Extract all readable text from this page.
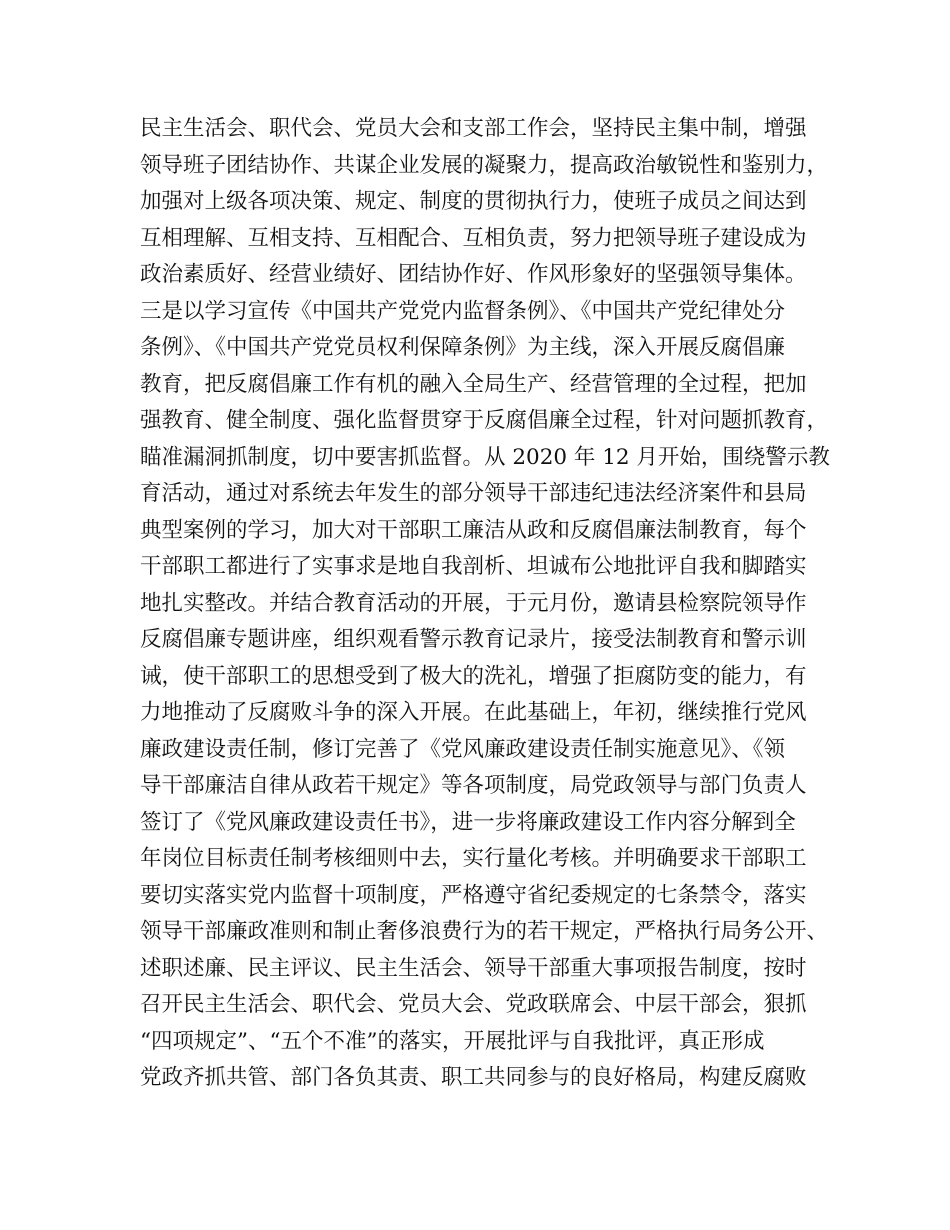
民主生活会、职代会、党员大会和支部工作会，坚持民主集中制，增强
领导班子团结协作、共谋企业发展的凝聚力，提高政治敏锐性和鉴别力，
加强对上级各项决策、规定、制度的贯彻执行力，使班子成员之间达到
互相理解、互相支持、互相配合、互相负责，努力把领导班子建设成为
政治素质好、经营业绩好、团结协作好、作风形象好的坚强领导集体。
三是以学习宣传《中国共产党党内监督条例》、《中国共产党纪律处分
条例》、《中国共产党党员权利保障条例》为主线，深入开展反腐倡廉
教育，把反腐倡廉工作有机的融入全局生产、经营管理的全过程，把加
强教育、健全制度、强化监督贯穿于反腐倡廉全过程，针对问题抓教育，
瞄准漏洞抓制度，切中要害抓监督。从 2020 年 12 月开始，围绕警示教
育活动，通过对系统去年发生的部分领导干部违纪违法经济案件和县局
典型案例的学习，加大对干部职工廉洁从政和反腐倡廉法制教育，每个
干部职工都进行了实事求是地自我剖析、坦诚布公地批评自我和脚踏实
地扎实整改。并结合教育活动的开展，于元月份，邀请县检察院领导作
反腐倡廉专题讲座，组织观看警示教育记录片，接受法制教育和警示训
诫，使干部职工的思想受到了极大的洗礼，增强了拒腐防变的能力，有
力地推动了反腐败斗争的深入开展。在此基础上，年初，继续推行党风
廉政建设责任制，修订完善了《党风廉政建设责任制实施意见》、《领
导干部廉洁自律从政若干规定》等各项制度，局党政领导与部门负责人
签订了《党风廉政建设责任书》，进一步将廉政建设工作内容分解到全
年岗位目标责任制考核细则中去，实行量化考核。并明确要求干部职工
要切实落实党内监督十项制度，严格遵守省纪委规定的七条禁令，落实
领导干部廉政准则和制止奢侈浪费行为的若干规定，严格执行局务公开、
述职述廉、民主评议、民主生活会、领导干部重大事项报告制度，按时
召开民主生活会、职代会、党员大会、党政联席会、中层干部会，狠抓
“四项规定”、“五个不准”的落实，开展批评与自我批评，真正形成
党政齐抓共管、部门各负其责、职工共同参与的良好格局，构建反腐败
